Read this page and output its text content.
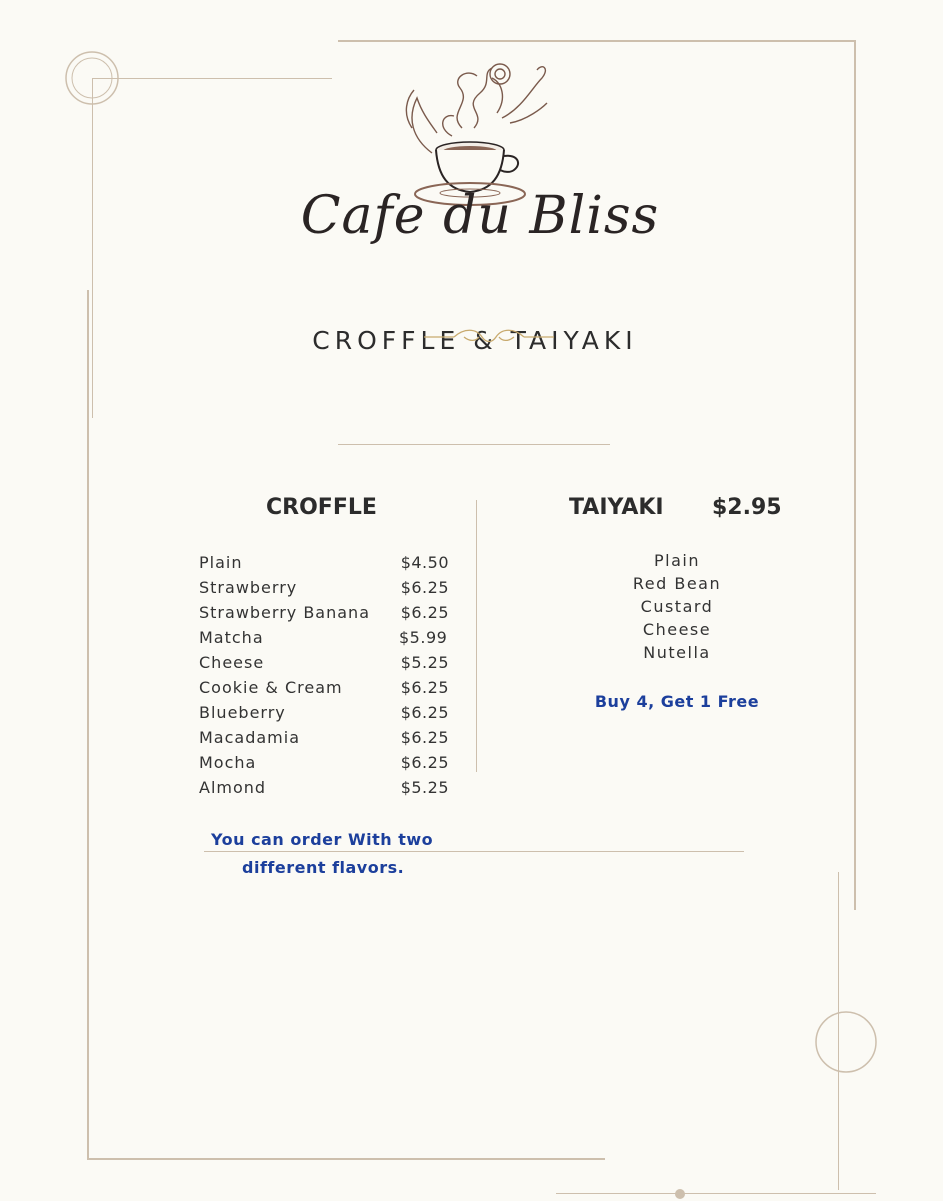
Cafe du Bliss
CROFFLE & TAIYAKI
CROFFLE
Plain	$4.50
Strawberry	$6.25
Strawberry Banana $6.25
Matcha	$5.99
Cheese	$5.25
Cookie & Cream	$6.25
Blueberry	$6.25
Macadamia	$6.25
Mocha	$6.25
Almond	$5.25
You can order With two
different flavors.
TAIYAKI $2.95
Plain
Red Bean
Custard
Cheese
Nutella
Buy 4, Get 1 Free
